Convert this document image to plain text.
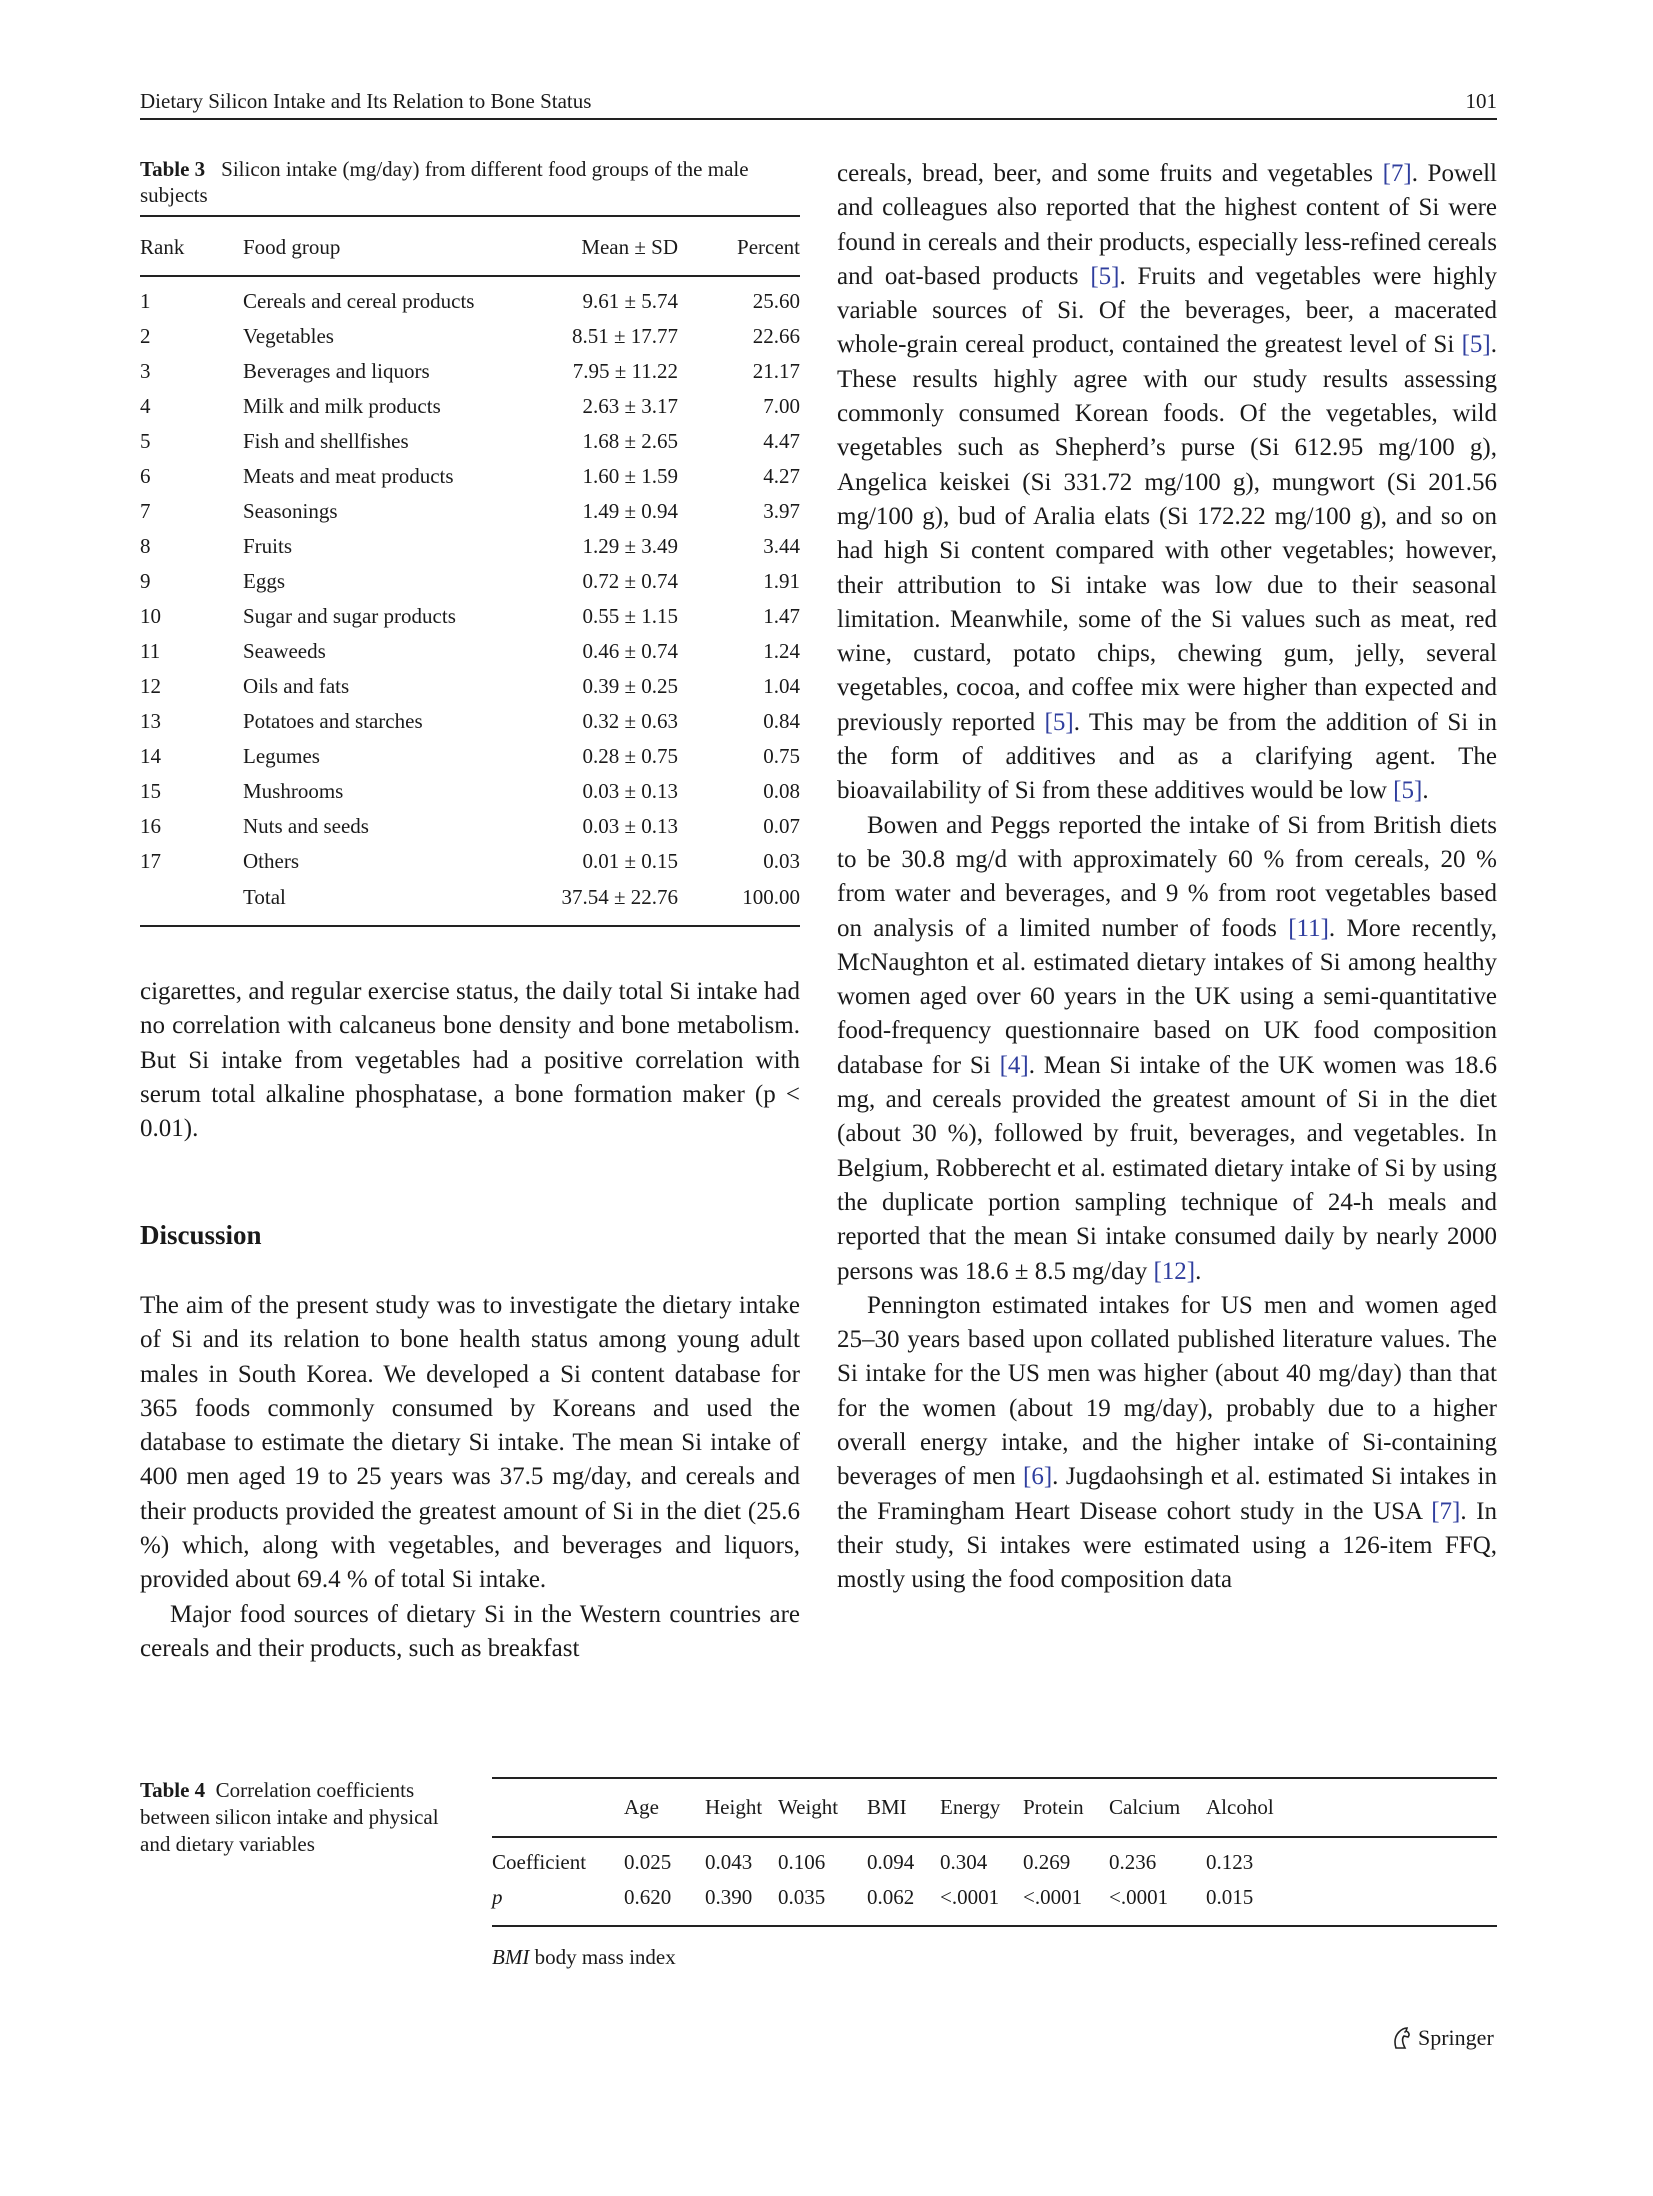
Dietary Silicon Intake and Its Relation to Bone Status	101
Table 3 Silicon intake (mg/day) from different food groups of the male subjects
Rank	Food group	Mean ± SD	Percent
1	Cereals and cereal products	9.61 ± 5.74	25.60
2	Vegetables	8.51 ± 17.77	22.66
3	Beverages and liquors	7.95 ± 11.22	21.17
4	Milk and milk products	2.63 ± 3.17	7.00
5	Fish and shellfishes	1.68 ± 2.65	4.47
6	Meats and meat products	1.60 ± 1.59	4.27
7	Seasonings	1.49 ± 0.94	3.97
8	Fruits	1.29 ± 3.49	3.44
9	Eggs	0.72 ± 0.74	1.91
10	Sugar and sugar products	0.55 ± 1.15	1.47
11	Seaweeds	0.46 ± 0.74	1.24
12	Oils and fats	0.39 ± 0.25	1.04
13	Potatoes and starches	0.32 ± 0.63	0.84
14	Legumes	0.28 ± 0.75	0.75
15	Mushrooms	0.03 ± 0.13	0.08
16	Nuts and seeds	0.03 ± 0.13	0.07
17	Others	0.01 ± 0.15	0.03
Total	37.54 ± 22.76	100.00

cigarettes, and regular exercise status, the daily total Si intake had no correlation with calcaneus bone density and bone metabolism. But Si intake from vegetables had a positive correlation with serum total alkaline phosphatase, a bone formation maker (p < 0.01).

Discussion

The aim of the present study was to investigate the dietary intake of Si and its relation to bone health status among young adult males in South Korea. We developed a Si content database for 365 foods commonly consumed by Koreans and used the database to estimate the dietary Si intake. The mean Si intake of 400 men aged 19 to 25 years was 37.5 mg/day, and cereals and their products provided the greatest amount of Si in the diet (25.6 %) which, along with vegetables, and beverages and liquors, provided about 69.4 % of total Si intake.

Major food sources of dietary Si in the Western countries are cereals and their products, such as breakfast

cereals, bread, beer, and some fruits and vegetables [7]. Powell and colleagues also reported that the highest content of Si were found in cereals and their products, especially less-refined cereals and oat-based products [5]. Fruits and vegetables were highly variable sources of Si. Of the beverages, beer, a macerated whole-grain cereal product, contained the greatest level of Si [5]. These results highly agree with our study results assessing commonly consumed Korean foods. Of the vegetables, wild vegetables such as Shepherd’s purse (Si 612.95 mg/100 g), Angelica keiskei (Si 331.72 mg/100 g), mungwort (Si 201.56 mg/100 g), bud of Aralia elats (Si 172.22 mg/100 g), and so on had high Si content compared with other vegetables; however, their attribution to Si intake was low due to their seasonal limitation. Meanwhile, some of the Si values such as meat, red wine, custard, potato chips, chewing gum, jelly, several vegetables, cocoa, and coffee mix were higher than expected and previously reported [5]. This may be from the addition of Si in the form of additives and as a clarifying agent. The bioavailability of Si from these additives would be low [5].

Bowen and Peggs reported the intake of Si from British diets to be 30.8 mg/d with approximately 60 % from cereals, 20 % from water and beverages, and 9 % from root vegetables based on analysis of a limited number of foods [11]. More recently, McNaughton et al. estimated dietary intakes of Si among healthy women aged over 60 years in the UK using a semi-quantitative food-frequency questionnaire based on UK food composition database for Si [4]. Mean Si intake of the UK women was 18.6 mg, and cereals provided the greatest amount of Si in the diet (about 30 %), followed by fruit, beverages, and vegetables. In Belgium, Robberecht et al. estimated dietary intake of Si by using the duplicate portion sampling technique of 24-h meals and reported that the mean Si intake consumed daily by nearly 2000 persons was 18.6 ± 8.5 mg/day [12].

Pennington estimated intakes for US men and women aged 25–30 years based upon collated published literature values. The Si intake for the US men was higher (about 40 mg/day) than that for the women (about 19 mg/day), probably due to a higher overall energy intake, and the higher intake of Si-containing beverages of men [6]. Jugdaohsingh et al. estimated Si intakes in the Framingham Heart Disease cohort study in the USA [7]. In their study, Si intakes were estimated using a 126-item FFQ, mostly using the food composition data

Table 4 Correlation coefficients between silicon intake and physical and dietary variables
Age Height Weight BMI Energy Protein Calcium Alcohol
Coefficient 0.025 0.043 0.106 0.094 0.304 0.269 0.236 0.123
p	0.620 0.390 0.035 0.062 <.0001 <.0001 <.0001 0.015
BMI body mass index
Springer
